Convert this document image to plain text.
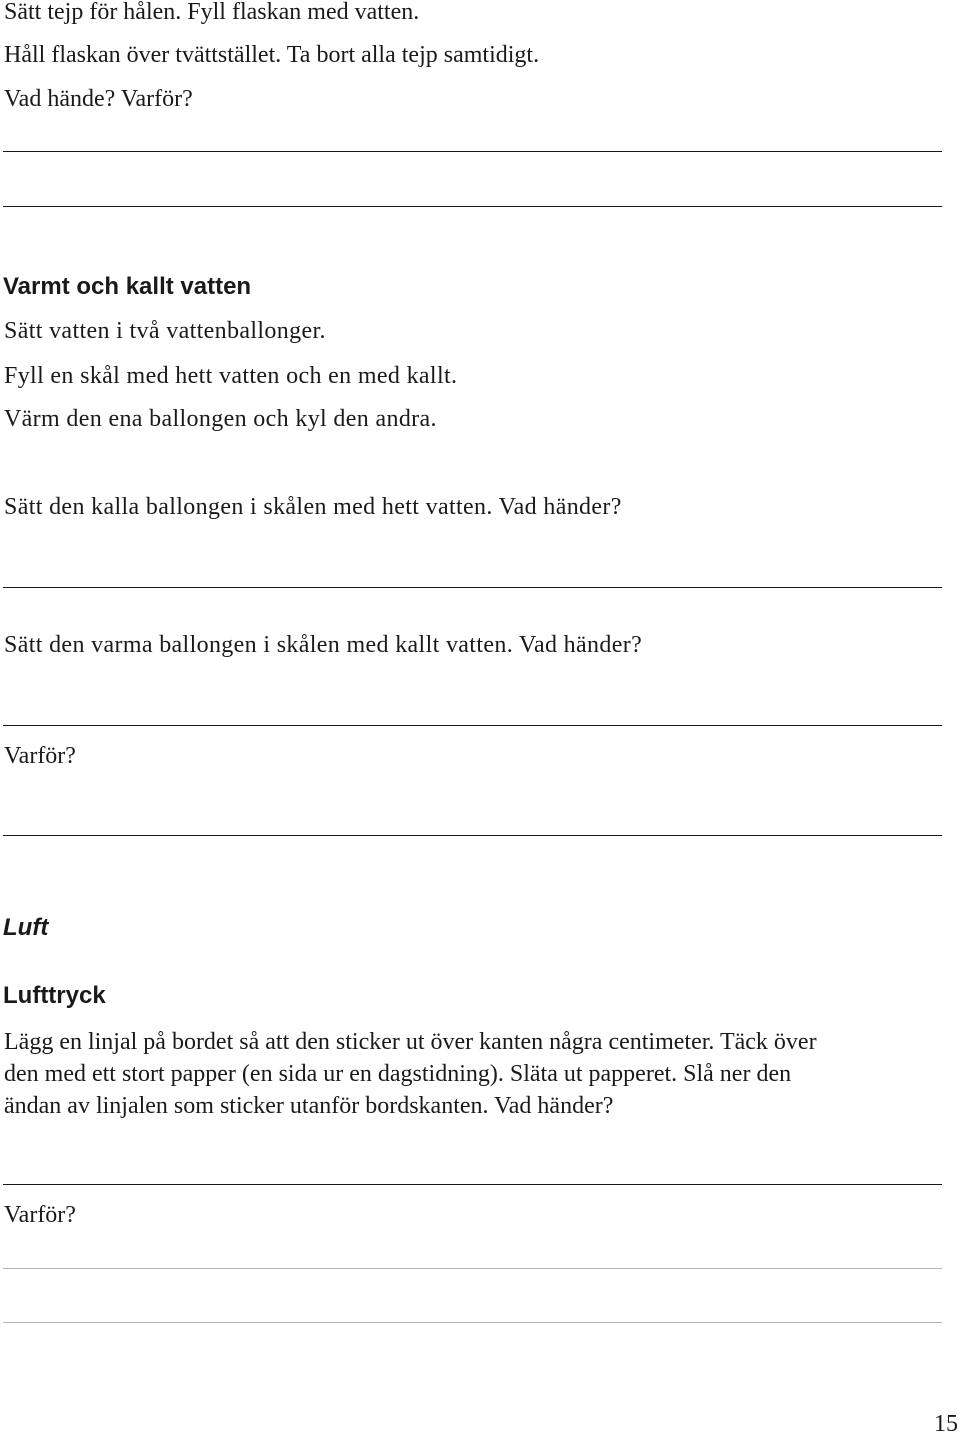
Sätt tejp för hålen. Fyll flaskan med vatten.

Håll flaskan över tvättstället. Ta bort alla tejp samtidigt.

Vad hände? Varför?

Varmt och kallt vatten

Sätt vatten i två vattenballonger.

Fyll en skål med hett vatten och en med kallt.

Värm den ena ballongen och kyl den andra.

Sätt den kalla ballongen i skålen med hett vatten. Vad händer?

Sätt den varma ballongen i skålen med kallt vatten. Vad händer?

Varför?

Luft
Lufttryck

Lägg en linjal på bordet så att den sticker ut över kanten några centimeter. Täck över
den med ett stort papper (en sida ur en dagstidning). Släta ut papperet. Slå ner den
ändan av linjalen som sticker utanför bordskanten. Vad händer?

Varför?

15
